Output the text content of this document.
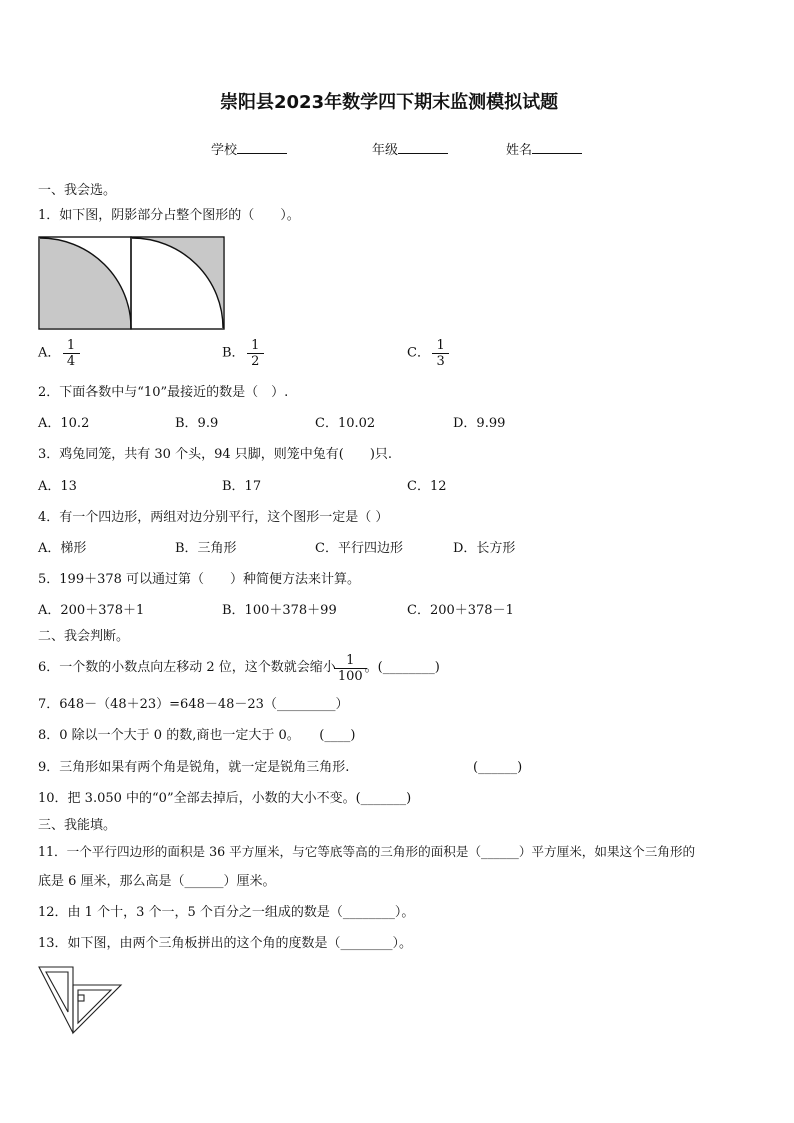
崇阳县2023年数学四下期末监测模拟试题
学校	年级	姓名
一、我会选。
1．如下图，阴影部分占整个图形的（　　）。
A． $\frac{1}{4}$	B． $\frac{1}{2}$	C． $\frac{1}{3}$
2．下面各数中与“10”最接近的数是（　）.
A．10.2	B．9.9	C．10.02	D．9.99
3．鸡兔同笼，共有 30 个头，94 只脚，则笼中兔有(　　)只.
A．13	B．17	C．12
4．有一个四边形，两组对边分别平行，这个图形一定是（ ）
A．梯形	B．三角形	C．平行四边形	D．长方形
5．199＋378 可以通过第（　　）种简便方法来计算。
A．200＋378＋1	B．100＋378＋99	C．200＋378－1
二、我会判断。
6．一个数的小数点向左移动 2 位，这个数就会缩小 $\frac{1}{100}$ 。(________)
7．648－（48＋23）=648－48－23（_________）
8．0 除以一个大于 0 的数,商也一定大于 0。　　(____)
9．三角形如果有两个角是锐角，就一定是锐角三角形.	(______)
10．把 3.050 中的“0”全部去掉后，小数的大小不变。(_______)
三、我能填。
11．一个平行四边形的面积是 36 平方厘米，与它等底等高的三角形的面积是（______）平方厘米，如果这个三角形的
底是 6 厘米，那么高是（______）厘米。
12．由 1 个十，3 个一，5 个百分之一组成的数是（________）。
13．如下图，由两个三角板拼出的这个角的度数是（________）。
